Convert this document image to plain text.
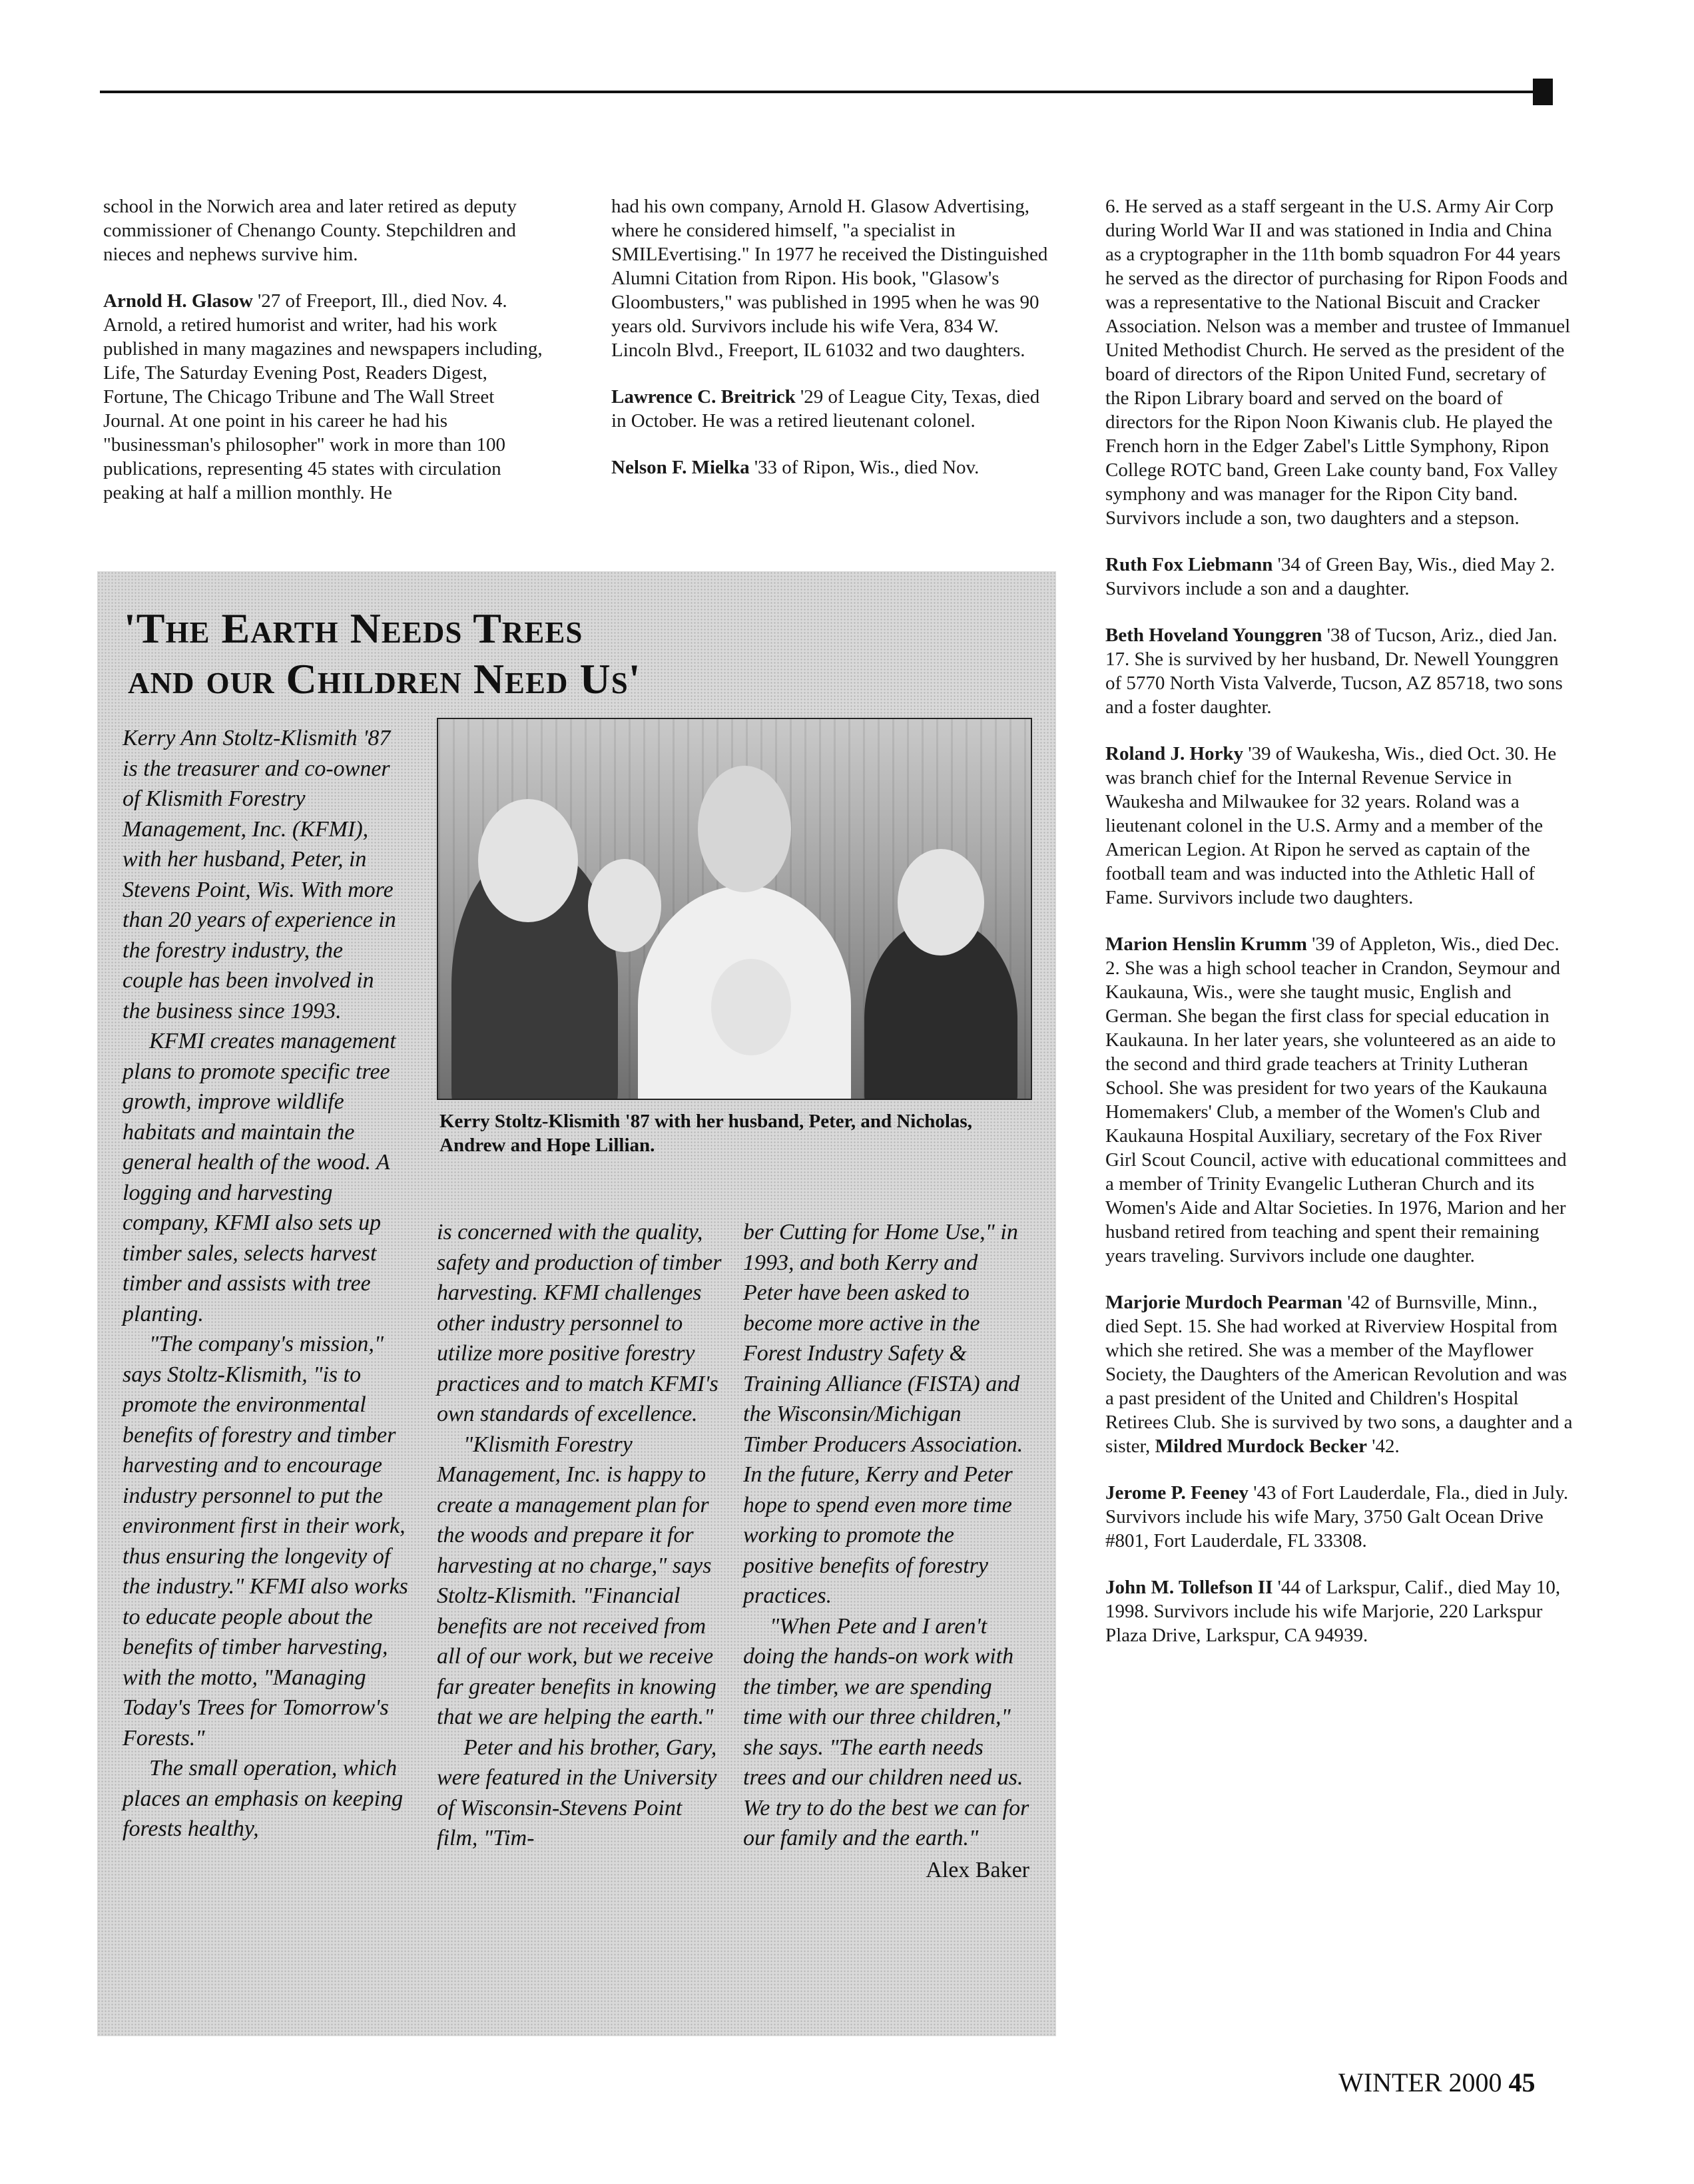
school in the Norwich area and later retired as deputy commissioner of Chenango County. Stepchildren and nieces and nephews survive him.

Arnold H. Glasow '27 of Freeport, Ill., died Nov. 4. Arnold, a retired humorist and writer, had his work published in many magazines and newspapers including, Life, The Saturday Evening Post, Readers Digest, Fortune, The Chicago Tribune and The Wall Street Journal. At one point in his career he had his "businessman's philosopher" work in more than 100 publications, representing 45 states with circulation peaking at half a million monthly. He

had his own company, Arnold H. Glasow Advertising, where he considered himself, "a specialist in SMILEvertising." In 1977 he received the Distinguished Alumni Citation from Ripon. His book, "Glasow's Gloombusters," was published in 1995 when he was 90 years old. Survivors include his wife Vera, 834 W. Lincoln Blvd., Freeport, IL 61032 and two daughters.

Lawrence C. Breitrick '29 of League City, Texas, died in October. He was a retired lieutenant colonel.

Nelson F. Mielka '33 of Ripon, Wis., died Nov.

6. He served as a staff sergeant in the U.S. Army Air Corp during World War II and was stationed in India and China as a cryptographer in the 11th bomb squadron For 44 years he served as the director of purchasing for Ripon Foods and was a representative to the National Biscuit and Cracker Association. Nelson was a member and trustee of Immanuel United Methodist Church. He served as the president of the board of directors of the Ripon United Fund, secretary of the Ripon Library board and served on the board of directors for the Ripon Noon Kiwanis club. He played the French horn in the Edger Zabel's Little Symphony, Ripon College ROTC band, Green Lake county band, Fox Valley symphony and was manager for the Ripon City band. Survivors include a son, two daughters and a stepson.

Ruth Fox Liebmann '34 of Green Bay, Wis., died May 2. Survivors include a son and a daughter.

Beth Hoveland Younggren '38 of Tucson, Ariz., died Jan. 17. She is survived by her husband, Dr. Newell Younggren of 5770 North Vista Valverde, Tucson, AZ 85718, two sons and a foster daughter.

Roland J. Horky '39 of Waukesha, Wis., died Oct. 30. He was branch chief for the Internal Revenue Service in Waukesha and Milwaukee for 32 years. Roland was a lieutenant colonel in the U.S. Army and a member of the American Legion. At Ripon he served as captain of the football team and was inducted into the Athletic Hall of Fame. Survivors include two daughters.

Marion Henslin Krumm '39 of Appleton, Wis., died Dec. 2. She was a high school teacher in Crandon, Seymour and Kaukauna, Wis., were she taught music, English and German. She began the first class for special education in Kaukauna. In her later years, she volunteered as an aide to the second and third grade teachers at Trinity Lutheran School. She was president for two years of the Kaukauna Homemakers' Club, a member of the Women's Club and Kaukauna Hospital Auxiliary, secretary of the Fox River Girl Scout Council, active with educational committees and a member of Trinity Evangelic Lutheran Church and its Women's Aide and Altar Societies. In 1976, Marion and her husband retired from teaching and spent their remaining years traveling. Survivors include one daughter.

Marjorie Murdoch Pearman '42 of Burnsville, Minn., died Sept. 15. She had worked at Riverview Hospital from which she retired. She was a member of the Mayflower Society, the Daughters of the American Revolution and was a past president of the United and Children's Hospital Retirees Club. She is survived by two sons, a daughter and a sister, Mildred Murdock Becker '42.

Jerome P. Feeney '43 of Fort Lauderdale, Fla., died in July. Survivors include his wife Mary, 3750 Galt Ocean Drive #801, Fort Lauderdale, FL 33308.

John M. Tollefson II '44 of Larkspur, Calif., died May 10, 1998. Survivors include his wife Marjorie, 220 Larkspur Plaza Drive, Larkspur, CA 94939.

'The Earth Needs Trees
and our Children Need Us'
Kerry Stoltz-Klismith '87 with her husband, Peter, and Nicholas, Andrew and Hope Lillian.

Kerry Ann Stoltz-Klismith '87 is the treasurer and co-owner of Klismith Forestry Management, Inc. (KFMI), with her husband, Peter, in Stevens Point, Wis. With more than 20 years of experience in the forestry industry, the couple has been involved in the business since 1993.

KFMI creates management plans to promote specific tree growth, improve wildlife habitats and maintain the general health of the wood. A logging and harvesting company, KFMI also sets up timber sales, selects harvest timber and assists with tree planting.

"The company's mission," says Stoltz-Klismith, "is to promote the environmental benefits of forestry and timber harvesting and to encourage industry personnel to put the environment first in their work, thus ensuring the longevity of the industry." KFMI also works to educate people about the benefits of timber harvesting, with the motto, "Managing Today's Trees for Tomorrow's Forests."

The small operation, which places an emphasis on keeping forests healthy,

is concerned with the quality, safety and production of timber harvesting. KFMI challenges other industry personnel to utilize more positive forestry practices and to match KFMI's own standards of excellence.

"Klismith Forestry Management, Inc. is happy to create a management plan for the woods and prepare it for harvesting at no charge," says Stoltz-Klismith. "Financial benefits are not received from all of our work, but we receive far greater benefits in knowing that we are helping the earth."

Peter and his brother, Gary, were featured in the University of Wisconsin-Stevens Point film, "Tim-

ber Cutting for Home Use," in 1993, and both Kerry and Peter have been asked to become more active in the Forest Industry Safety & Training Alliance (FISTA) and the Wisconsin/Michigan Timber Producers Association. In the future, Kerry and Peter hope to spend even more time working to promote the positive benefits of forestry practices.

"When Pete and I aren't doing the hands-on work with the timber, we are spending time with our three children," she says. "The earth needs trees and our children need us. We try to do the best we can for our family and the earth."

Alex Baker
WINTER 2000 45
